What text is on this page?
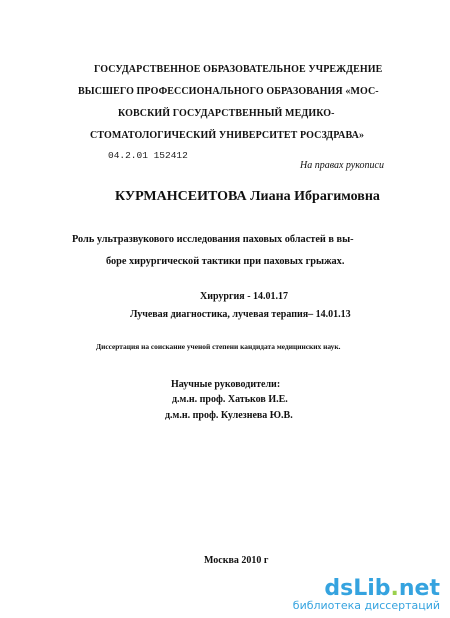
ГОСУДАРСТВЕННОЕ ОБРАЗОВАТЕЛЬНОЕ УЧРЕЖДЕНИЕ
ВЫСШЕГО ПРОФЕССИОНАЛЬНОГО ОБРАЗОВАНИЯ «МОС-
КОВСКИЙ ГОСУДАРСТВЕННЫЙ МЕДИКО-
СТОМАТОЛОГИЧЕСКИЙ УНИВЕРСИТЕТ РОСЗДРАВА»
04.2.01 152412
На правах рукописи
КУРМАНСЕИТОВА Лиана Ибрагимовна
Роль ультразвукового исследования паховых областей в вы-
боре хирургической тактики при паховых грыжах.
Хирургия - 14.01.17
Лучевая диагностика, лучевая терапия– 14.01.13
Диссертация на соискание ученой степени кандидата медицинских наук.
Научные руководители:
д.м.н. проф. Хатьков И.Е.
д.м.н. проф. Кулезнева Ю.В.
Москва 2010 г
dsLib.net
библиотека диссертаций
